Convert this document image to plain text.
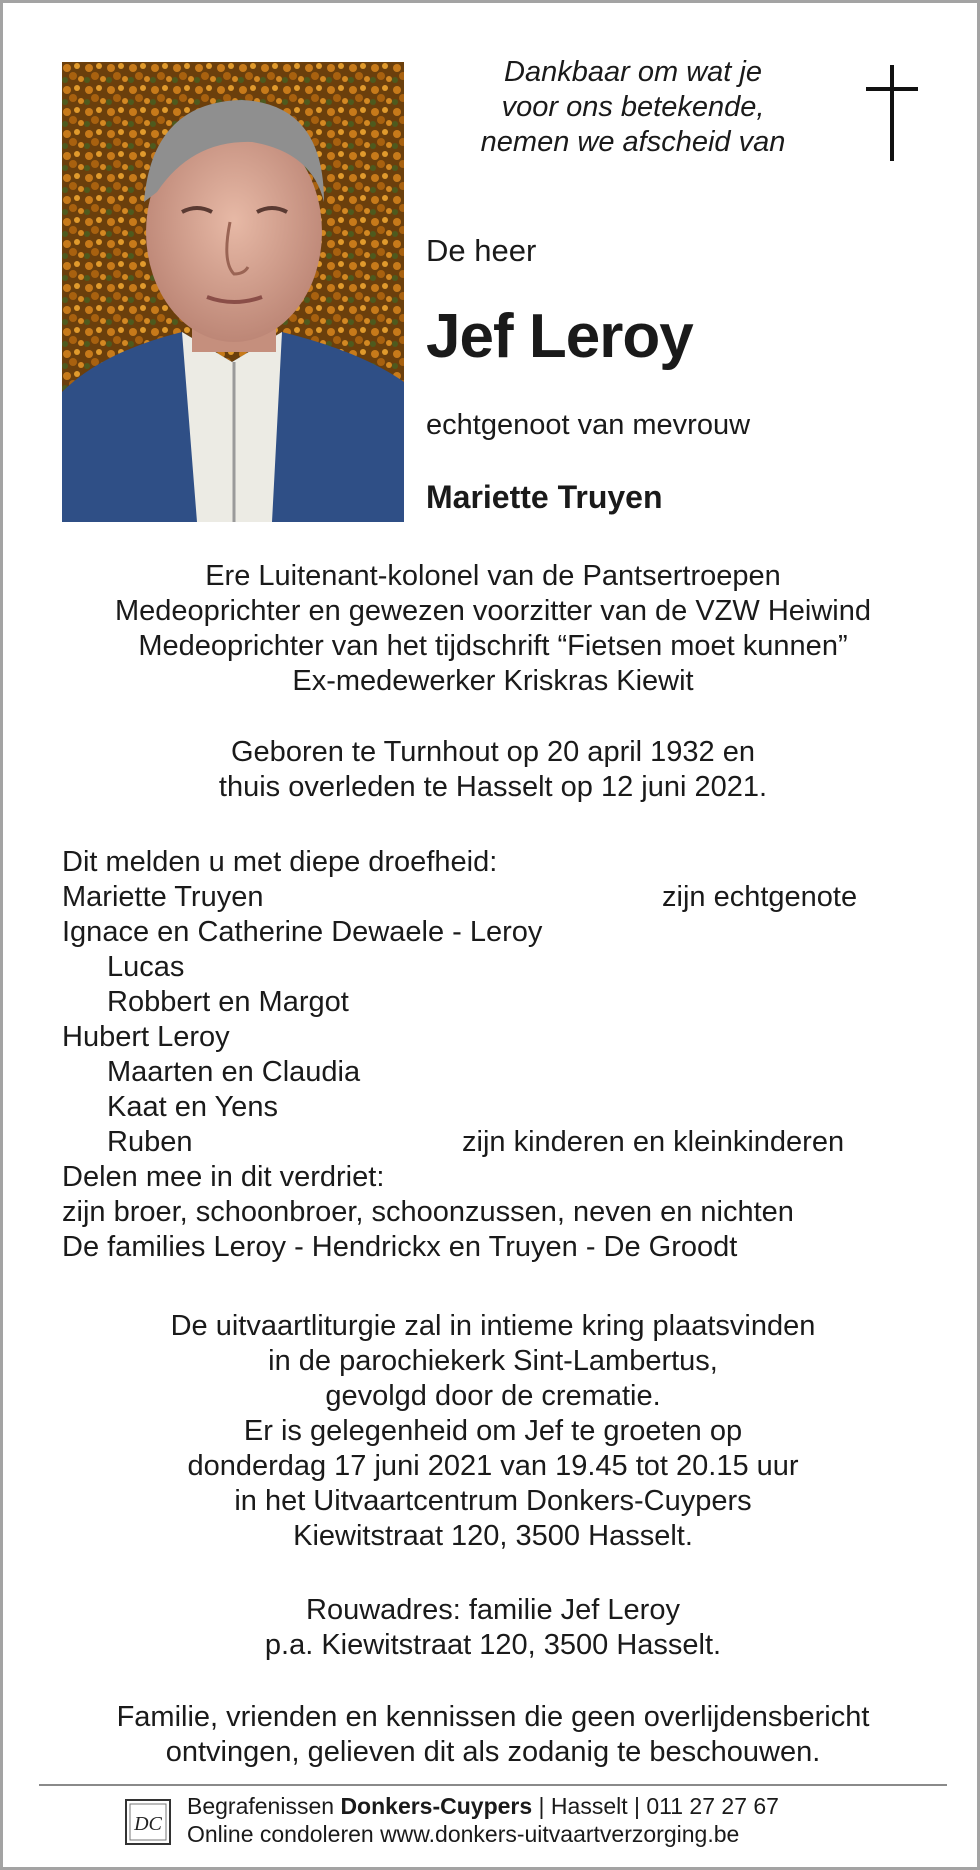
Dankbaar om wat je
voor ons betekende,
nemen we afscheid van
De heer
Jef Leroy
echtgenoot van mevrouw
Mariette Truyen
Ere Luitenant-kolonel van de Pantsertroepen
Medeoprichter en gewezen voorzitter van de VZW Heiwind
Medeoprichter van het tijdschrift “Fietsen moet kunnen”
Ex-medewerker Kriskras Kiewit
Geboren te Turnhout op 20 april 1932 en
thuis overleden te Hasselt op 12 juni 2021.
Dit melden u met diepe droefheid:
Mariette Truyen	zijn echtgenote
Ignace en Catherine Dewaele - Leroy
Lucas
Robbert en Margot
Hubert Leroy
Maarten en Claudia
Kaat en Yens
Ruben	zijn kinderen en kleinkinderen
Delen mee in dit verdriet:
zijn broer, schoonbroer, schoonzussen, neven en nichten
De families Leroy - Hendrickx en Truyen - De Groodt
De uitvaartliturgie zal in intieme kring plaatsvinden
in de parochiekerk Sint-Lambertus,
gevolgd door de crematie.
Er is gelegenheid om Jef te groeten op
donderdag 17 juni 2021 van 19.45 tot 20.15 uur
in het Uitvaartcentrum Donkers-Cuypers
Kiewitstraat 120, 3500 Hasselt.
Rouwadres: familie Jef Leroy
p.a. Kiewitstraat 120, 3500 Hasselt.
Familie, vrienden en kennissen die geen overlijdensbericht
ontvingen, gelieven dit als zodanig te beschouwen.
DC
Begrafenissen Donkers-Cuypers | Hasselt | 011 27 27 67
Online condoleren www.donkers-uitvaartverzorging.be
